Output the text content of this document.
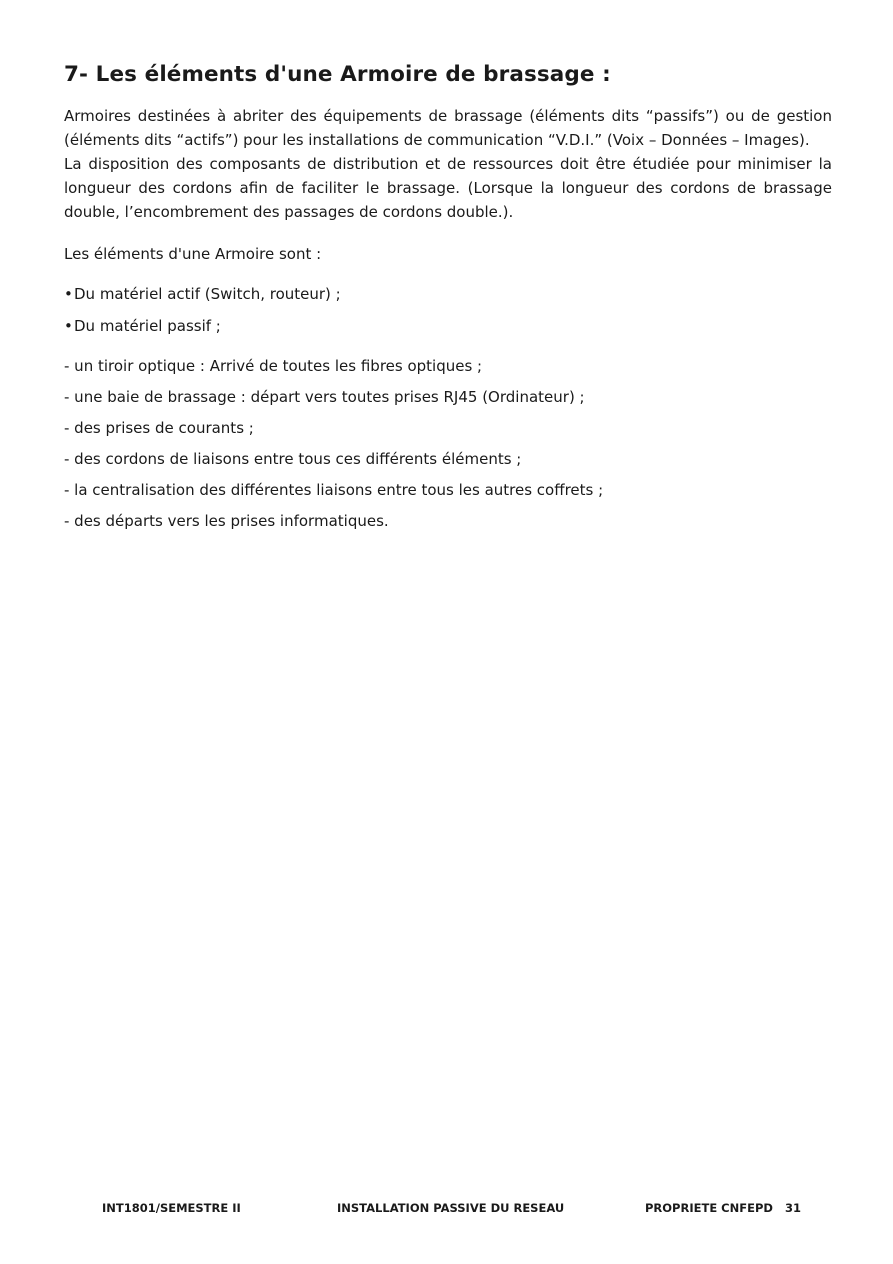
7- Les éléments d'une Armoire de brassage :

Armoires destinées à abriter des équipements de brassage (éléments dits “passifs”) ou de gestion (éléments dits “actifs”) pour les installations de communication “V.D.I.” (Voix – Données – Images).

La disposition des composants de distribution et de ressources doit être étudiée pour minimiser la longueur des cordons afin de faciliter le brassage. (Lorsque la longueur des cordons de brassage double, l’encombrement des passages de cordons double.).

Les éléments d'une Armoire sont :
•Du matériel actif (Switch, routeur) ;
•Du matériel passif ;
- un tiroir optique : Arrivé de toutes les fibres optiques ;
- une baie de brassage : départ vers toutes prises RJ45 (Ordinateur) ;
- des prises de courants ;
- des cordons de liaisons entre tous ces différents éléments ;
- la centralisation des différentes liaisons entre tous les autres coffrets ;
- des départs vers les prises informatiques.
INT1801/SEMESTRE II	INSTALLATION PASSIVE DU RESEAU	PROPRIETE CNFEPD 31
